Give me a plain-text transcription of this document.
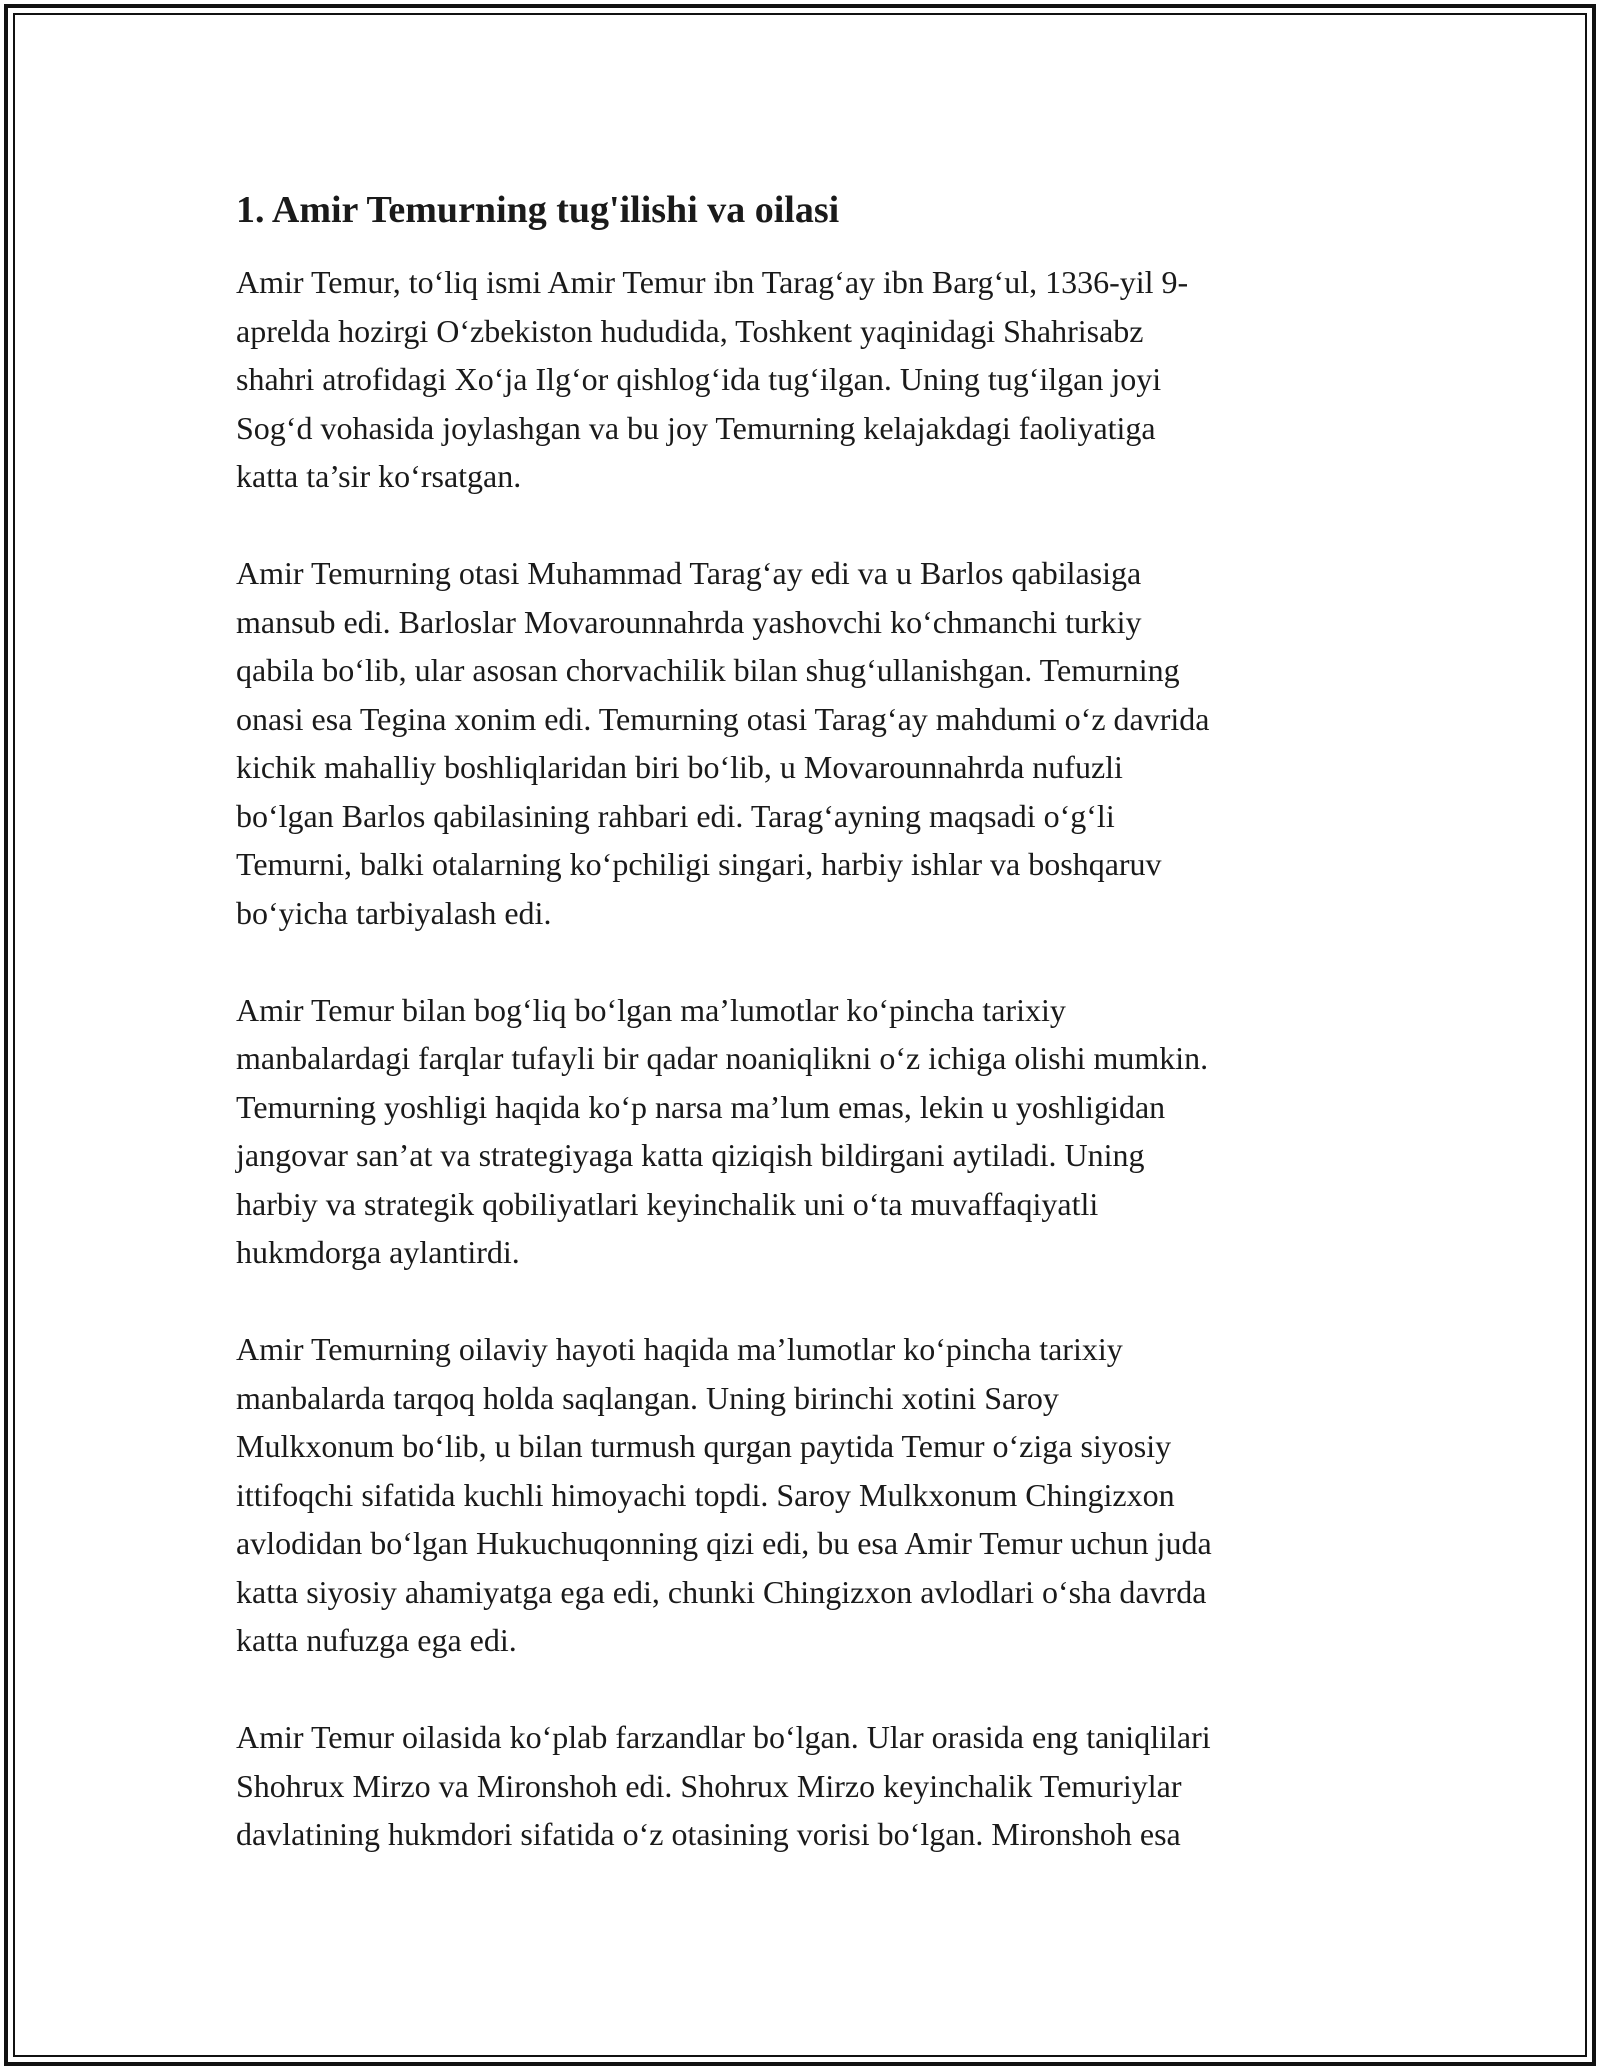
1. Amir Temurning tug'ilishi va oilasi

Amir Temur, to‘liq ismi Amir Temur ibn Tarag‘ay ibn Barg‘ul, 1336-yil 9-
aprelda hozirgi O‘zbekiston hududida, Toshkent yaqinidagi Shahrisabz
shahri atrofidagi Xo‘ja Ilg‘or qishlog‘ida tug‘ilgan. Uning tug‘ilgan joyi
Sog‘d vohasida joylashgan va bu joy Temurning kelajakdagi faoliyatiga
katta ta’sir ko‘rsatgan.

Amir Temurning otasi Muhammad Tarag‘ay edi va u Barlos qabilasiga
mansub edi. Barloslar Movarounnahrda yashovchi ko‘chmanchi turkiy
qabila bo‘lib, ular asosan chorvachilik bilan shug‘ullanishgan. Temurning
onasi esa Tegina xonim edi. Temurning otasi Tarag‘ay mahdumi o‘z davrida
kichik mahalliy boshliqlaridan biri bo‘lib, u Movarounnahrda nufuzli
bo‘lgan Barlos qabilasining rahbari edi. Tarag‘ayning maqsadi o‘g‘li
Temurni, balki otalarning ko‘pchiligi singari, harbiy ishlar va boshqaruv
bo‘yicha tarbiyalash edi.

Amir Temur bilan bog‘liq bo‘lgan ma’lumotlar ko‘pincha tarixiy
manbalardagi farqlar tufayli bir qadar noaniqlikni o‘z ichiga olishi mumkin.
Temurning yoshligi haqida ko‘p narsa ma’lum emas, lekin u yoshligidan
jangovar san’at va strategiyaga katta qiziqish bildirgani aytiladi. Uning
harbiy va strategik qobiliyatlari keyinchalik uni o‘ta muvaffaqiyatli
hukmdorga aylantirdi.

Amir Temurning oilaviy hayoti haqida ma’lumotlar ko‘pincha tarixiy
manbalarda tarqoq holda saqlangan. Uning birinchi xotini Saroy
Mulkxonum bo‘lib, u bilan turmush qurgan paytida Temur o‘ziga siyosiy
ittifoqchi sifatida kuchli himoyachi topdi. Saroy Mulkxonum Chingizxon
avlodidan bo‘lgan Hukuchuqonning qizi edi, bu esa Amir Temur uchun juda
katta siyosiy ahamiyatga ega edi, chunki Chingizxon avlodlari o‘sha davrda
katta nufuzga ega edi.

Amir Temur oilasida ko‘plab farzandlar bo‘lgan. Ular orasida eng taniqlilari
Shohrux Mirzo va Mironshoh edi. Shohrux Mirzo keyinchalik Temuriylar
davlatining hukmdori sifatida o‘z otasining vorisi bo‘lgan. Mironshoh esa
